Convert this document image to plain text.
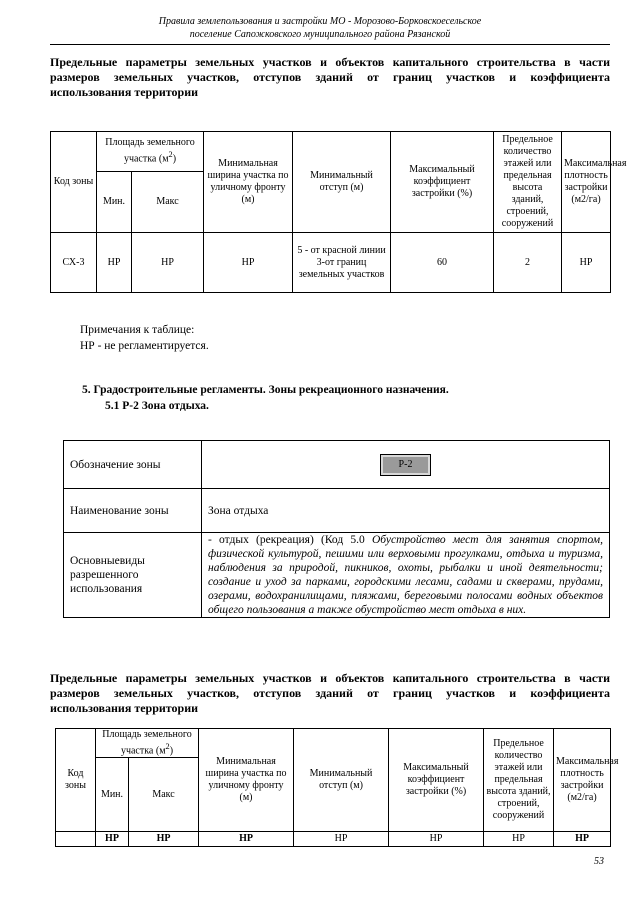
Правила землепользования и застройки МО - Морозово-Борковскоесельское
поселение Сапожковского муниципального района Рязанской
Предельные параметры земельных участков и объектов капитального строительства в части
размеров земельных участков, отступов зданий от границ участков и коэффициента
использования территории
Код зоны	Площадь земельного участка $(м^2)$		Минимальная ширина участка по уличному фронту (м)	Минимальный отступ (м)	Максимальный коэффициент застройки (%)	Предельное количество этажей или предельная высота зданий, строений, сооружений	Максимальная плотность застройки (м2/га)
	Мин.	Макс					
СХ-3	НР	НР	НР	5 - от красной линии 3-от границ земельных участков	60	2	НР
Примечания к таблице:
НР - не регламентируется.
5. Градостроительные регламенты. Зоны рекреационного назначения.
5.1 Р-2 Зона отдыха.
Обозначение зоны	Р-2
Наименование зоны	Зона отдыха
Основныевиды разрешенного использования	- отдых (рекреация) (Код 5.0 Обустройство мест для занятия спортом, физической культурой, пешими или верховыми прогулками, отдыха и туризма, наблюдения за природой, пикников, охоты, рыбалки и иной деятельности; создание и уход за парками, городскими лесами, садами и скверами, прудами, озерами, водохранилищами, пляжами, береговыми полосами водных объектов общего пользования а также обустройство мест отдыха в них.
Предельные параметры земельных участков и объектов капитального строительства в части
размеров земельных участков, отступов зданий от границ участков и коэффициента
использования территории
Код зоны	Площадь земельного участка $(м^2)$		Минимальная ширина участка по уличному фронту (м)	Минимальный отступ (м)	Максимальный коэффициент застройки (%)	Предельное количество этажей или предельная высота зданий, строений, сооружений	Максимальная плотность застройки (м2/га)
	Мин.	Макс					
	НР	НР	НР	НР	НР	НР	НР
53
